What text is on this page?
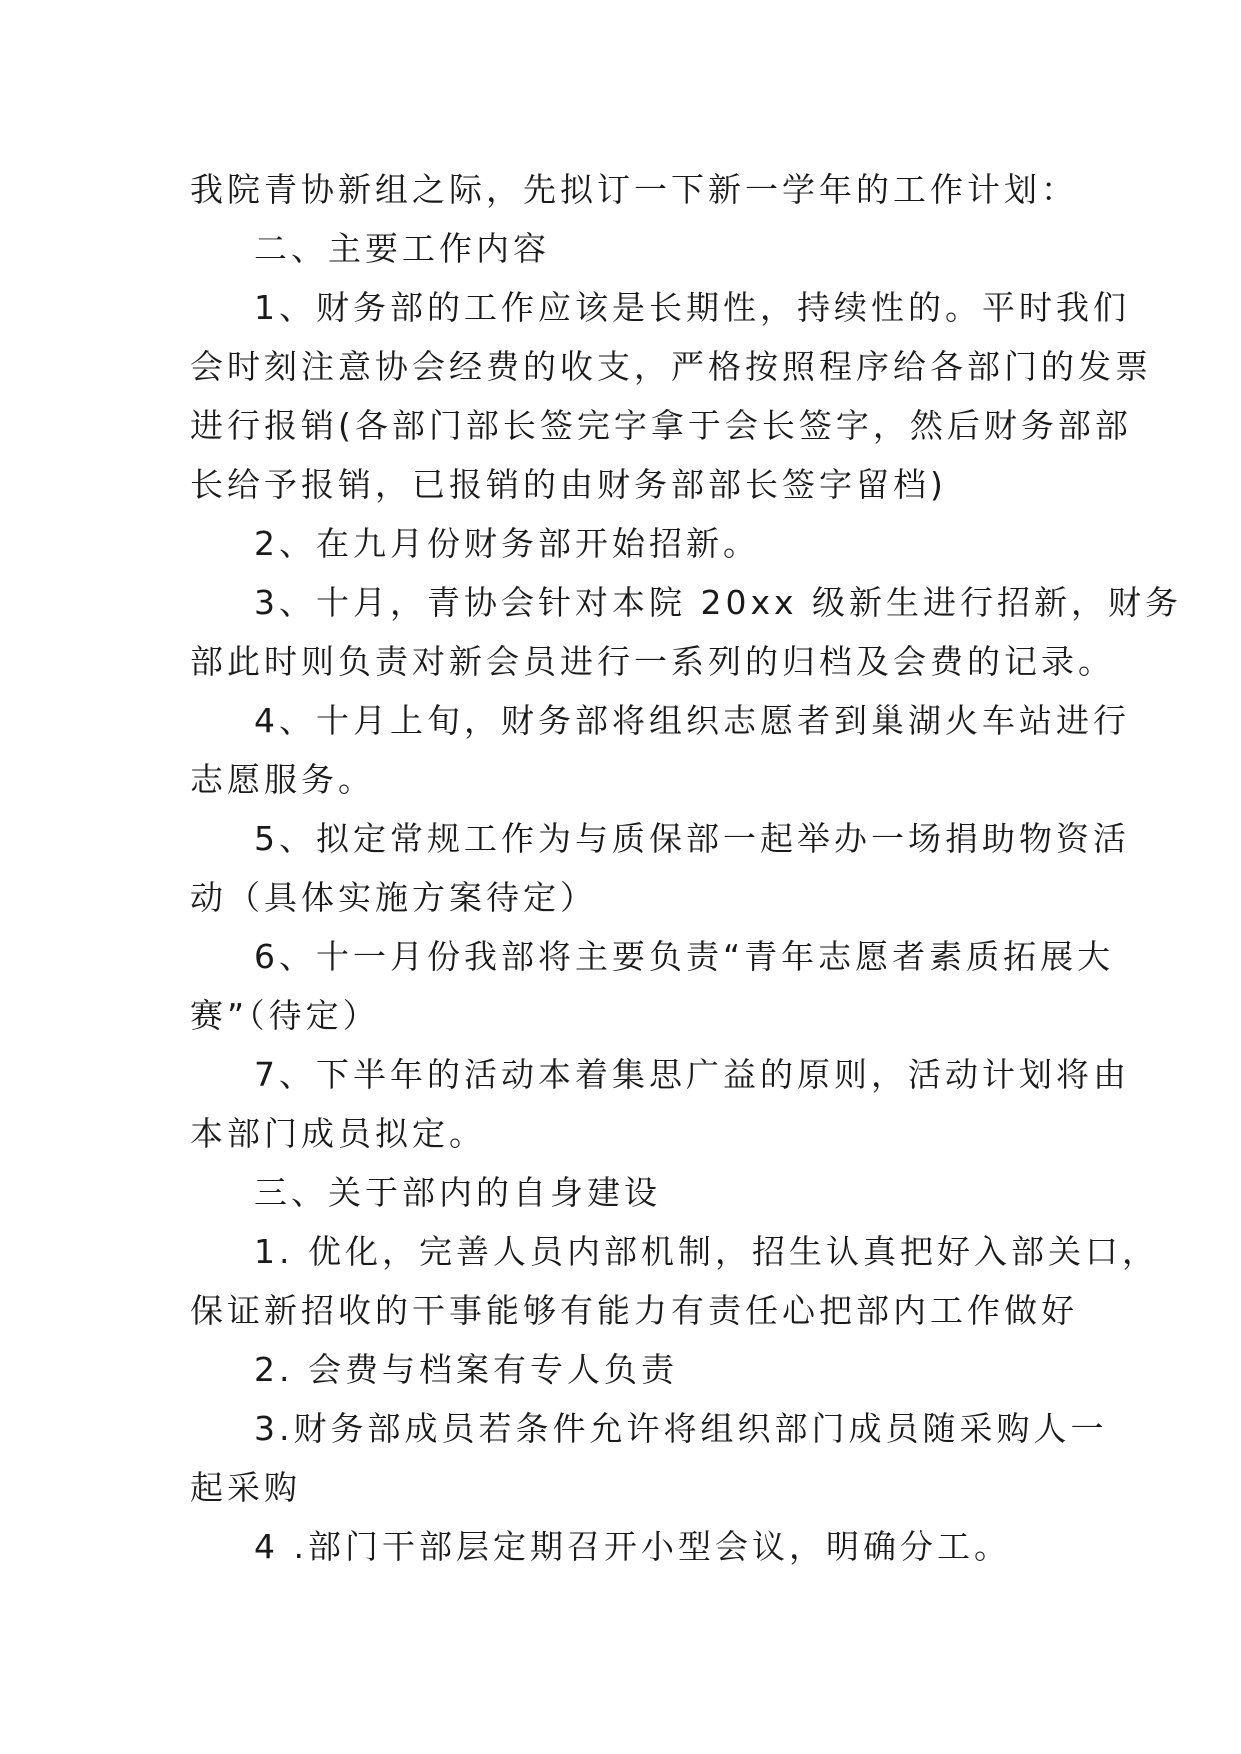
我院青协新组之际，先拟订一下新一学年的工作计划：
二、主要工作内容
1、财务部的工作应该是长期性，持续性的。平时我们
会时刻注意协会经费的收支，严格按照程序给各部门的发票
进行报销(各部门部长签完字拿于会长签字，然后财务部部
长给予报销，已报销的由财务部部长签字留档)
2、在九月份财务部开始招新。
3、十月，青协会针对本院 20xx 级新生进行招新，财务
部此时则负责对新会员进行一系列的归档及会费的记录。
4、十月上旬，财务部将组织志愿者到巢湖火车站进行
志愿服务。
5、拟定常规工作为与质保部一起举办一场捐助物资活
动（具体实施方案待定）
6、十一月份我部将主要负责“青年志愿者素质拓展大
赛”（待定）
7、下半年的活动本着集思广益的原则，活动计划将由
本部门成员拟定。
三、关于部内的自身建设
1. 优化，完善人员内部机制，招生认真把好入部关口，
保证新招收的干事能够有能力有责任心把部内工作做好
2. 会费与档案有专人负责
3.财务部成员若条件允许将组织部门成员随采购人一
起采购
4 .部门干部层定期召开小型会议，明确分工。
